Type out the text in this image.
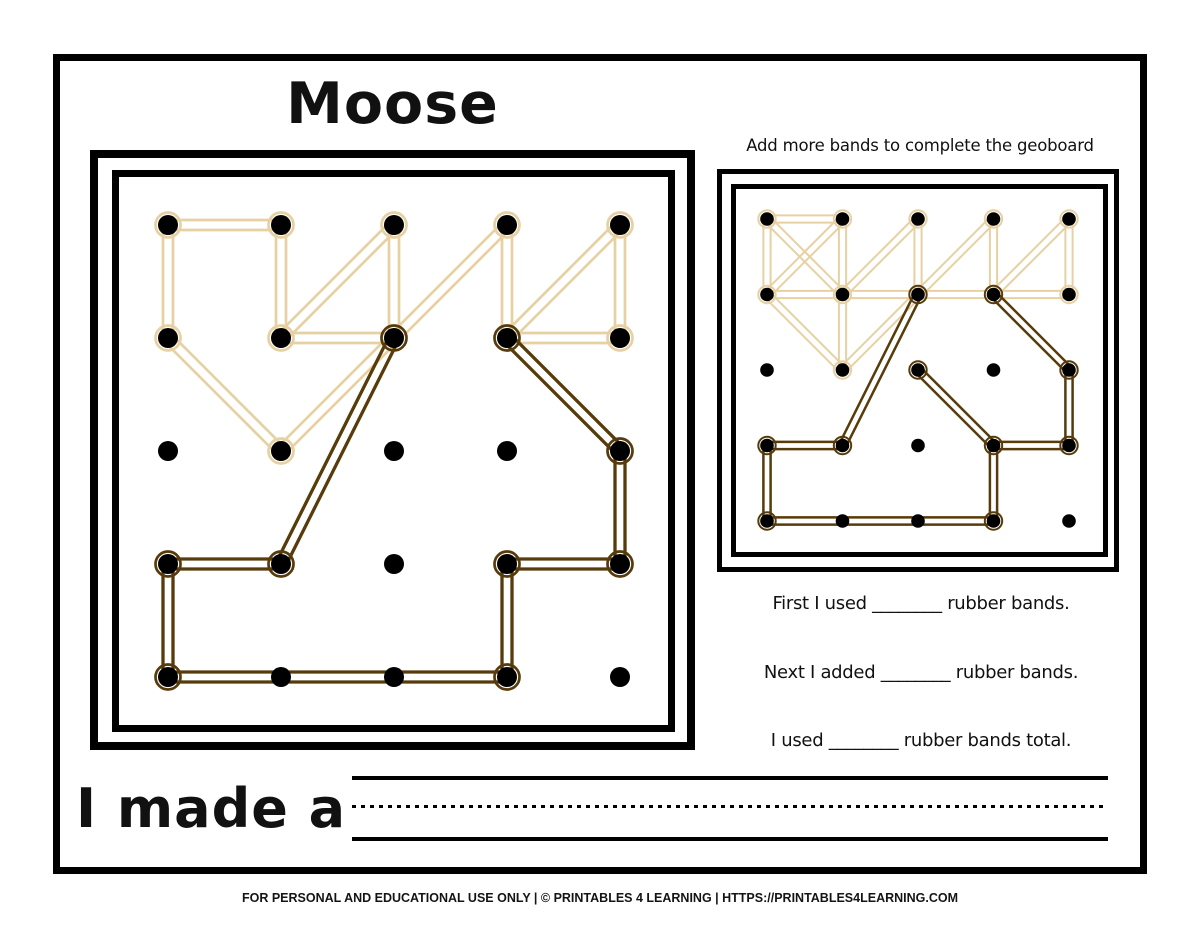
Moose
Add more bands to complete the geoboard
First I used ________ rubber bands.
Next I added ________ rubber bands.
I used ________ rubber bands total.
I made a
FOR PERSONAL AND EDUCATIONAL USE ONLY | © PRINTABLES 4 LEARNING | HTTPS://PRINTABLES4LEARNING.COM
